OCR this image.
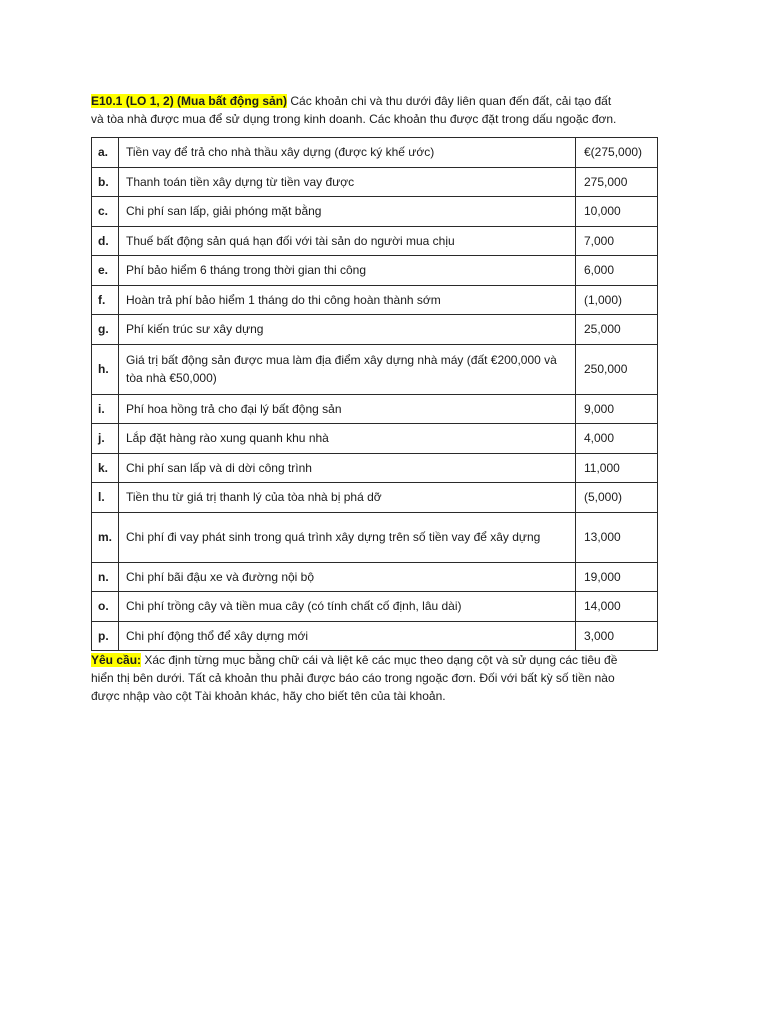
E10.1 (LO 1, 2) (Mua bất động sản) Các khoản chi và thu dưới đây liên quan đến đất, cải tạo đất và tòa nhà được mua để sử dụng trong kinh doanh. Các khoản thu được đặt trong dấu ngoặc đơn.

a.	Tiền vay để trả cho nhà thầu xây dựng (được ký khế ước)	€(275,000)
b.	Thanh toán tiền xây dựng từ tiền vay được	275,000
c.	Chi phí san lấp, giải phóng mặt bằng	10,000
d.	Thuế bất động sản quá hạn đối với tài sản do người mua chịu	7,000
e.	Phí bảo hiểm 6 tháng trong thời gian thi công	6,000
f.	Hoàn trả phí bảo hiểm 1 tháng do thi công hoàn thành sớm	(1,000)
g.	Phí kiến trúc sư xây dựng	25,000
h.	Giá trị bất động sản được mua làm địa điểm xây dựng nhà máy (đất €200,000 và tòa nhà €50,000)	250,000
i.	Phí hoa hồng trả cho đại lý bất động sản	9,000
j.	Lắp đặt hàng rào xung quanh khu nhà	4,000
k.	Chi phí san lấp và di dời công trình	11,000
l.	Tiền thu từ giá trị thanh lý của tòa nhà bị phá dỡ	(5,000)
m.	Chi phí đi vay phát sinh trong quá trình xây dựng trên số tiền vay để xây dựng	13,000
n.	Chi phí bãi đậu xe và đường nội bộ	19,000
o.	Chi phí trồng cây và tiền mua cây (có tính chất cố định, lâu dài)	14,000
p.	Chi phí động thổ để xây dựng mới	3,000

Yêu cầu: Xác định từng mục bằng chữ cái và liệt kê các mục theo dạng cột và sử dụng các tiêu đề hiển thị bên dưới. Tất cả khoản thu phải được báo cáo trong ngoặc đơn. Đối với bất kỳ số tiền nào được nhập vào cột Tài khoản khác, hãy cho biết tên của tài khoản.
